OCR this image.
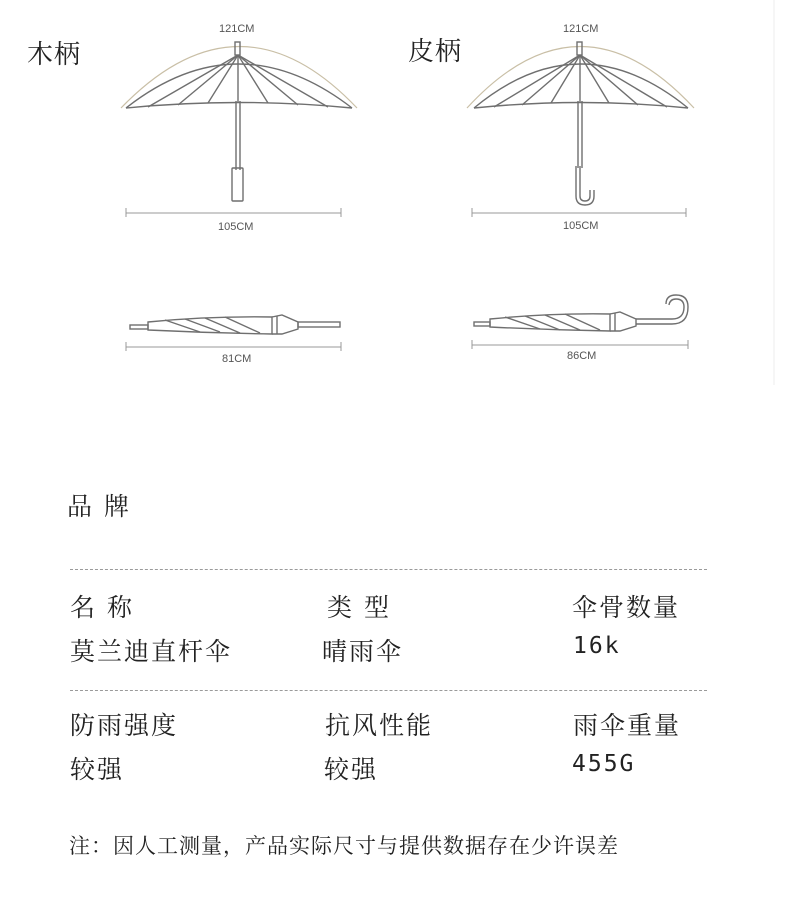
木柄	皮柄
121CM
105CM
81CM
121CM
105CM
86CM
品牌
名称	类型	伞骨数量
莫兰迪直杆伞	晴雨伞	16k
防雨强度	抗风性能	雨伞重量
较强	较强	455G
注：因人工测量，产品实际尺寸与提供数据存在少许误差
